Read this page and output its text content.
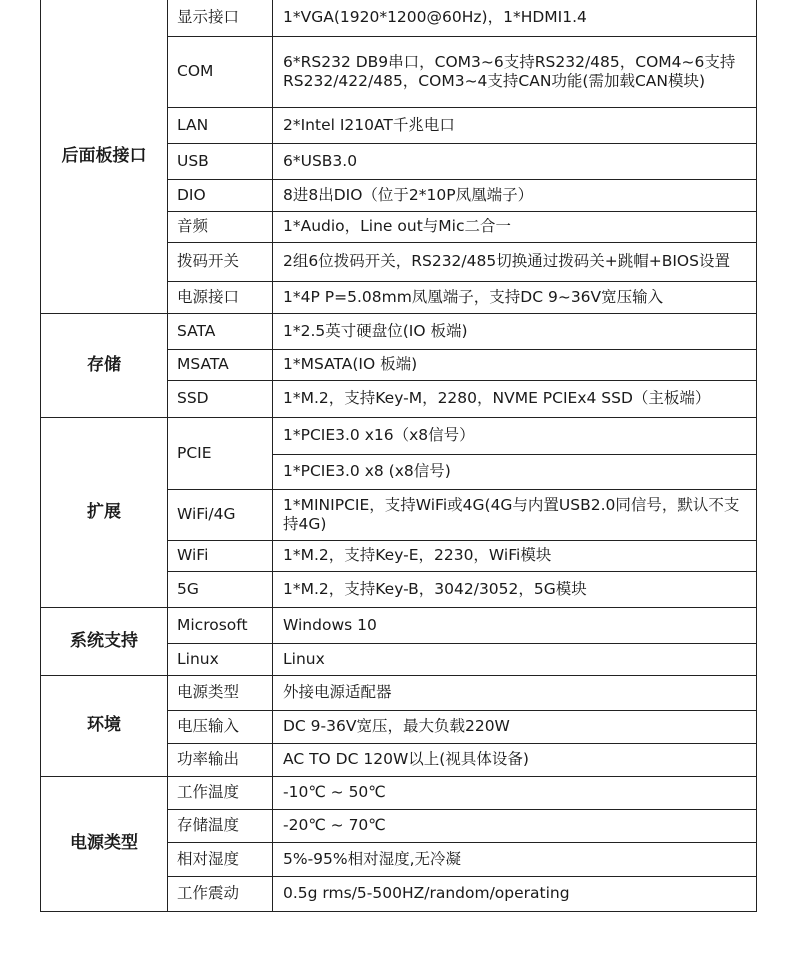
后面板接口	显示接口	1*VGA(1920*1200@60Hz)，1*HDMI1.4
	COM	6*RS232 DB9串口，COM3~6支持RS232/485，COM4~6支持RS232/422/485，COM3~4支持CAN功能(需加载CAN模块)
	LAN	2*Intel I210AT千兆电口
	USB	6*USB3.0
	DIO	8进8出DIO（位于2*10P凤凰端子）
	音频	1*Audio，Line out与Mic二合一
	拨码开关	2组6位拨码开关，RS232/485切换通过拨码关+跳帽+BIOS设置
	电源接口	1*4P P=5.08mm凤凰端子，支持DC 9~36V宽压输入
存储	SATA	1*2.5英寸硬盘位(IO 板端)
	MSATA	1*MSATA(IO 板端)
	SSD	1*M.2，支持Key-M，2280，NVME PCIEx4 SSD（主板端）
扩展	PCIE	1*PCIE3.0 x16（x8信号）
		1*PCIE3.0 x8 (x8信号)
	WiFi/4G	1*MINIPCIE，支持WiFi或4G(4G与内置USB2.0同信号，默认不支持4G)
	WiFi	1*M.2，支持Key-E，2230，WiFi模块
	5G	1*M.2，支持Key-B，3042/3052，5G模块
系统支持	Microsoft	Windows 10
	Linux	Linux
环境	电源类型	外接电源适配器
	电压输入	DC 9-36V宽压，最大负载220W
	功率输出	AC TO DC 120W以上(视具体设备)
电源类型	工作温度	-10℃ ~ 50℃
	存储温度	-20℃ ~ 70℃
	相对湿度	5%-95%相对湿度,无冷凝
	工作震动	0.5g rms/5-500HZ/random/operating
